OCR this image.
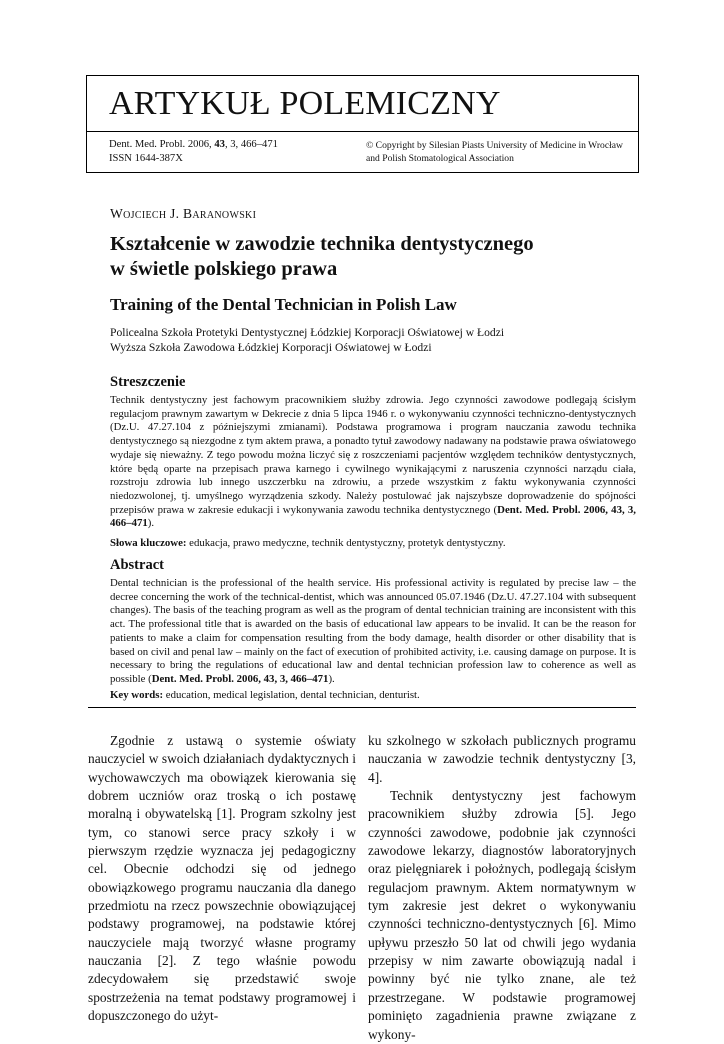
ARTYKUŁ POLEMICZNY
Dent. Med. Probl. 2006, 43, 3, 466–471
ISSN 1644-387X
© Copyright by Silesian Piasts University of Medicine in Wrocław
and Polish Stomatological Association
Wojciech J. Baranowski
Kształcenie w zawodzie technika dentystycznego
w świetle polskiego prawa
Training of the Dental Technician in Polish Law
Policealna Szkoła Protetyki Dentystycznej Łódzkiej Korporacji Oświatowej w Łodzi
Wyższa Szkoła Zawodowa Łódzkiej Korporacji Oświatowej w Łodzi
Streszczenie

Technik dentystyczny jest fachowym pracownikiem służby zdrowia. Jego czynności zawodowe podlegają ścisłym regulacjom prawnym zawartym w Dekrecie z dnia 5 lipca 1946 r. o wykonywaniu czynności techniczno-dentystycznych (Dz.U. 47.27.104 z późniejszymi zmianami). Podstawa programowa i program nauczania zawodu technika dentystycznego są niezgodne z tym aktem prawa, a ponadto tytuł zawodowy nadawany na podstawie prawa oświatowego wydaje się nieważny. Z tego powodu można liczyć się z roszczeniami pacjentów względem techników dentystycznych, które będą oparte na przepisach prawa karnego i cywilnego wynikającymi z naruszenia czynności narządu ciała, rozstroju zdrowia lub innego uszczerbku na zdrowiu, a przede wszystkim z faktu wykonywania czynności niedozwolonej, tj. umyślnego wyrządzenia szkody. Należy postulować jak najszybsze doprowadzenie do spójności przepisów prawa w zakresie edukacji i wykonywania zawodu technika dentystycznego (Dent. Med. Probl. 2006, 43, 3, 466–471).

Słowa kluczowe: edukacja, prawo medyczne, technik dentystyczny, protetyk dentystyczny.
Abstract

Dental technician is the professional of the health service. His professional activity is regulated by precise law – the decree concerning the work of the technical-dentist, which was announced 05.07.1946 (Dz.U. 47.27.104 with subsequent changes). The basis of the teaching program as well as the program of dental technician training are inconsistent with this act. The professional title that is awarded on the basis of educational law appears to be invalid. It can be the reason for patients to make a claim for compensation resulting from the body damage, health disorder or other disability that is based on civil and penal law – mainly on the fact of execution of prohibited activity, i.e. causing damage on purpose. It is necessary to bring the regulations of educational law and dental technician profession law to coherence as well as possible (Dent. Med. Probl. 2006, 43, 3, 466–471).

Key words: education, medical legislation, dental technician, denturist.

Zgodnie z ustawą o systemie oświaty nauczyciel w swoich działaniach dydaktycznych i wychowawczych ma obowiązek kierowania się dobrem uczniów oraz troską o ich postawę moralną i obywatelską [1]. Program szkolny jest tym, co stanowi serce pracy szkoły i w pierwszym rzędzie wyznacza jej pedagogiczny cel. Obecnie odchodzi się od jednego obowiązkowego programu nauczania dla danego przedmiotu na rzecz powszechnie obowiązującej podstawy programowej, na podstawie której nauczyciele mają tworzyć własne programy nauczania [2]. Z tego właśnie powodu zdecydowałem się przedstawić swoje spostrzeżenia na temat podstawy programowej i dopuszczonego do użyt-

ku szkolnego w szkołach publicznych programu nauczania w zawodzie technik dentystyczny [3, 4].

Technik dentystyczny jest fachowym pracownikiem służby zdrowia [5]. Jego czynności zawodowe, podobnie jak czynności zawodowe lekarzy, diagnostów laboratoryjnych oraz pielęgniarek i położnych, podlegają ścisłym regulacjom prawnym. Aktem normatywnym w tym zakresie jest dekret o wykonywaniu czynności techniczno-dentystycznych [6]. Mimo upływu przeszło 50 lat od chwili jego wydania przepisy w nim zawarte obowiązują nadal i powinny być nie tylko znane, ale też przestrzegane. W podstawie programowej pominięto zagadnienia prawne związane z wykony-
